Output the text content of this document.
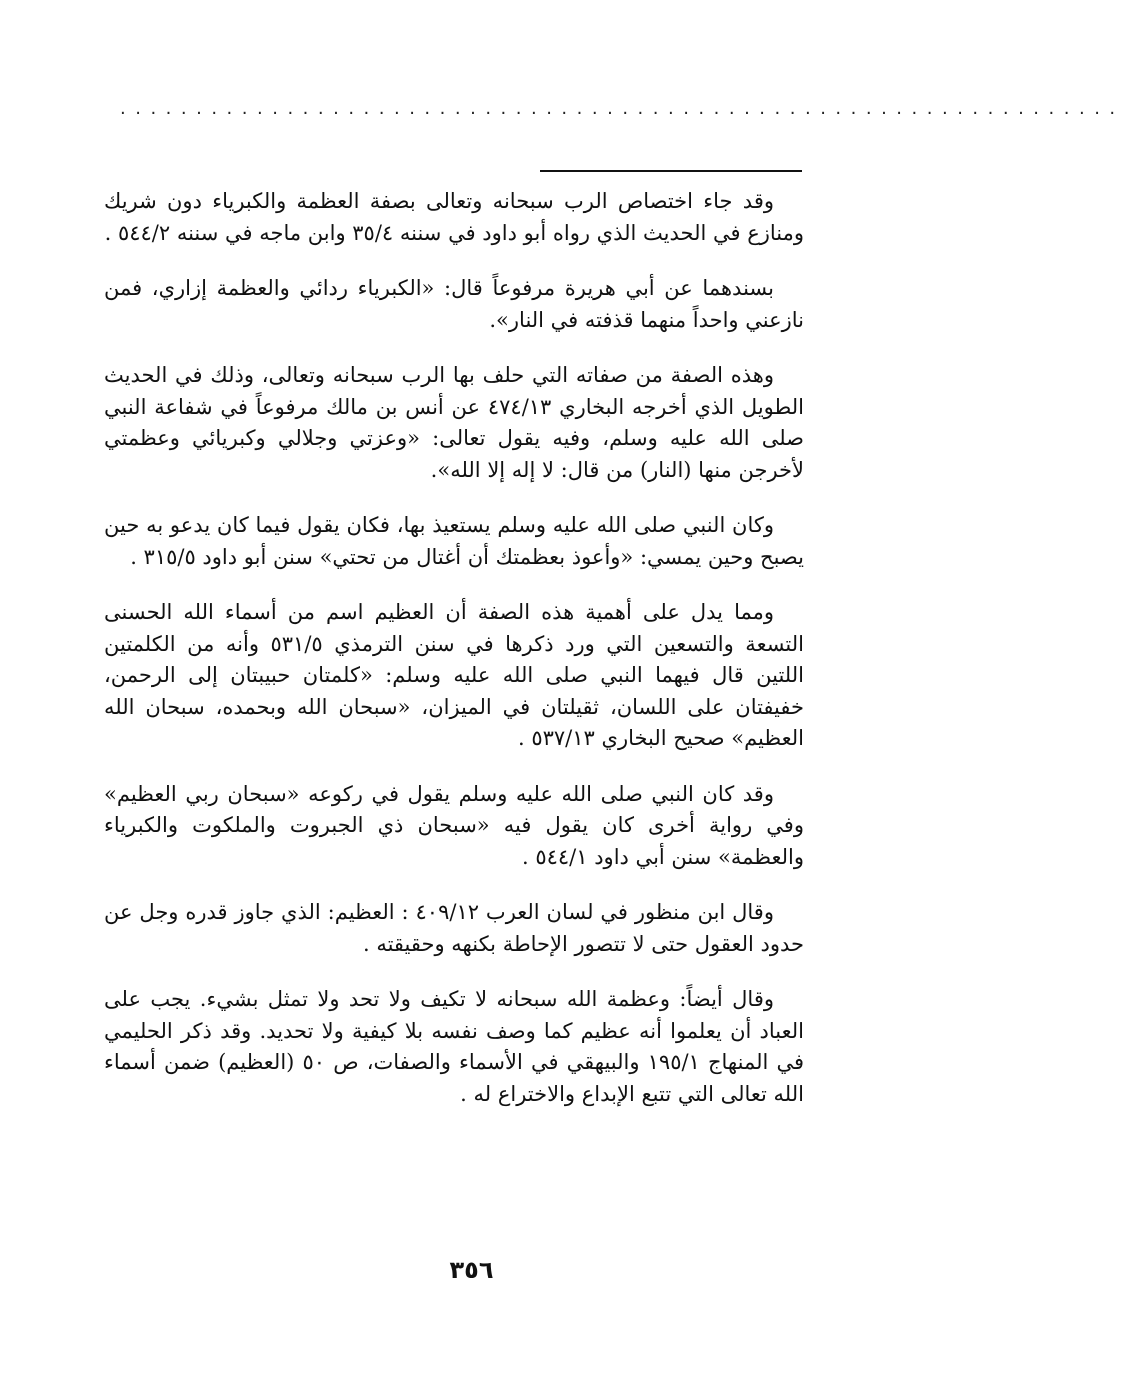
··································································

وقد جاء اختصاص الرب سبحانه وتعالى بصفة العظمة والكبرياء دون شريك ومنازع في الحديث الذي رواه أبو داود في سننه ٣٥/٤ وابن ماجه في سننه ٥٤٤/٢ .

بسندهما عن أبي هريرة مرفوعاً قال: «الكبرياء ردائي والعظمة إزاري، فمن نازعني واحداً منهما قذفته في النار».

وهذه الصفة من صفاته التي حلف بها الرب سبحانه وتعالى، وذلك في الحديث الطويل الذي أخرجه البخاري ٤٧٤/١٣ عن أنس بن مالك مرفوعاً في شفاعة النبي صلى الله عليه وسلم، وفيه يقول تعالى: «وعزتي وجلالي وكبريائي وعظمتي لأخرجن منها (النار) من قال: لا إله إلا الله».

وكان النبي صلى الله عليه وسلم يستعيذ بها، فكان يقول فيما كان يدعو به حين يصبح وحين يمسي: «وأعوذ بعظمتك أن أغتال من تحتي» سنن أبو داود ٣١٥/٥ .

ومما يدل على أهمية هذه الصفة أن العظيم اسم من أسماء الله الحسنى التسعة والتسعين التي ورد ذكرها في سنن الترمذي ٥٣١/٥ وأنه من الكلمتين اللتين قال فيهما النبي صلى الله عليه وسلم: «كلمتان حبيبتان إلى الرحمن، خفيفتان على اللسان، ثقيلتان في الميزان، «سبحان الله وبحمده، سبحان الله العظيم» صحيح البخاري ٥٣٧/١٣ .

وقد كان النبي صلى الله عليه وسلم يقول في ركوعه «سبحان ربي العظيم» وفي رواية أخرى كان يقول فيه «سبحان ذي الجبروت والملكوت والكبرياء والعظمة» سنن أبي داود ٥٤٤/١ .

وقال ابن منظور في لسان العرب ٤٠٩/١٢ : العظيم: الذي جاوز قدره وجل عن حدود العقول حتى لا تتصور الإحاطة بكنهه وحقيقته .

وقال أيضاً: وعظمة الله سبحانه لا تكيف ولا تحد ولا تمثل بشيء. يجب على العباد أن يعلموا أنه عظيم كما وصف نفسه بلا كيفية ولا تحديد. وقد ذكر الحليمي في المنهاج ١٩٥/١ والبيهقي في الأسماء والصفات، ص ٥٠ (العظيم) ضمن أسماء الله تعالى التي تتبع الإبداع والاختراع له .

٣٥٦
